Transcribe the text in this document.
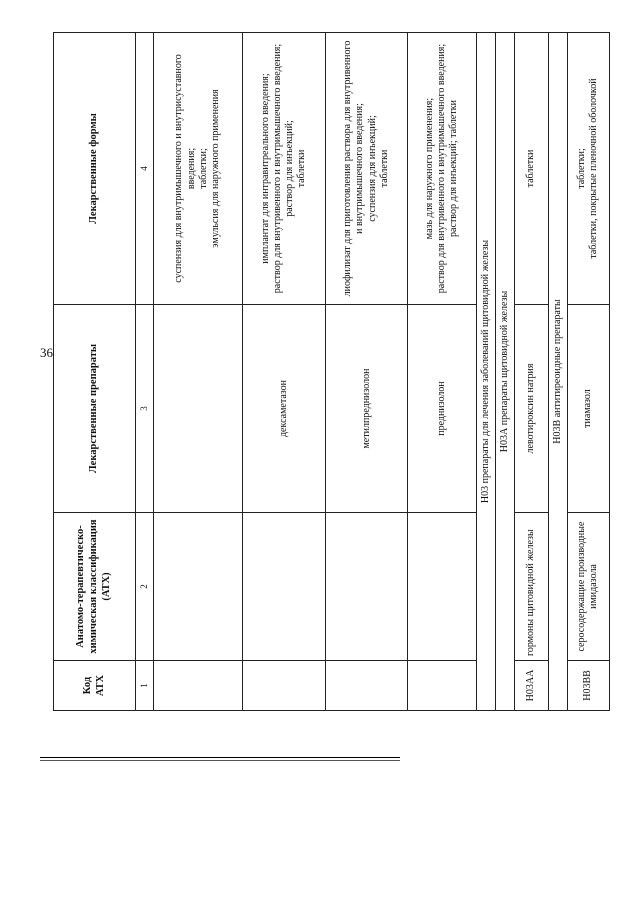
36
Код АТХ	Анатомо-терапевтическо-химическая классификация (АТХ)	Лекарственные препараты	Лекарственные формы
1	2	3	4

			суспензия для внутримышечного и внутрисуставного введения; таблетки; эмульсия для наружного применения

		дексаметазон	имплантат для интравитреального введения; раствор для внутривенного и внутримышечного введения; раствор для инъекций; таблетки

		метилпреднизолон	лиофилизат для приготовления раствора для внутривенного и внутримышечного введения; суспензия для инъекций; таблетки

		преднизолон	мазь для наружного применения; раствор для внутривенного и внутримышечного введения; раствор для инъекций; таблетки

Н03 препараты для лечения заболеваний щитовидной железы			
Н03А препараты щитовидной железы			
Н03АА	гормоны щитовидной железы	левотироксин натрия	таблетки
Н03В антитиреоидные препараты			
Н03ВВ	серосодержащие производные имидазола	тиамазол	таблетки; таблетки, покрытые пленочной оболочкой
